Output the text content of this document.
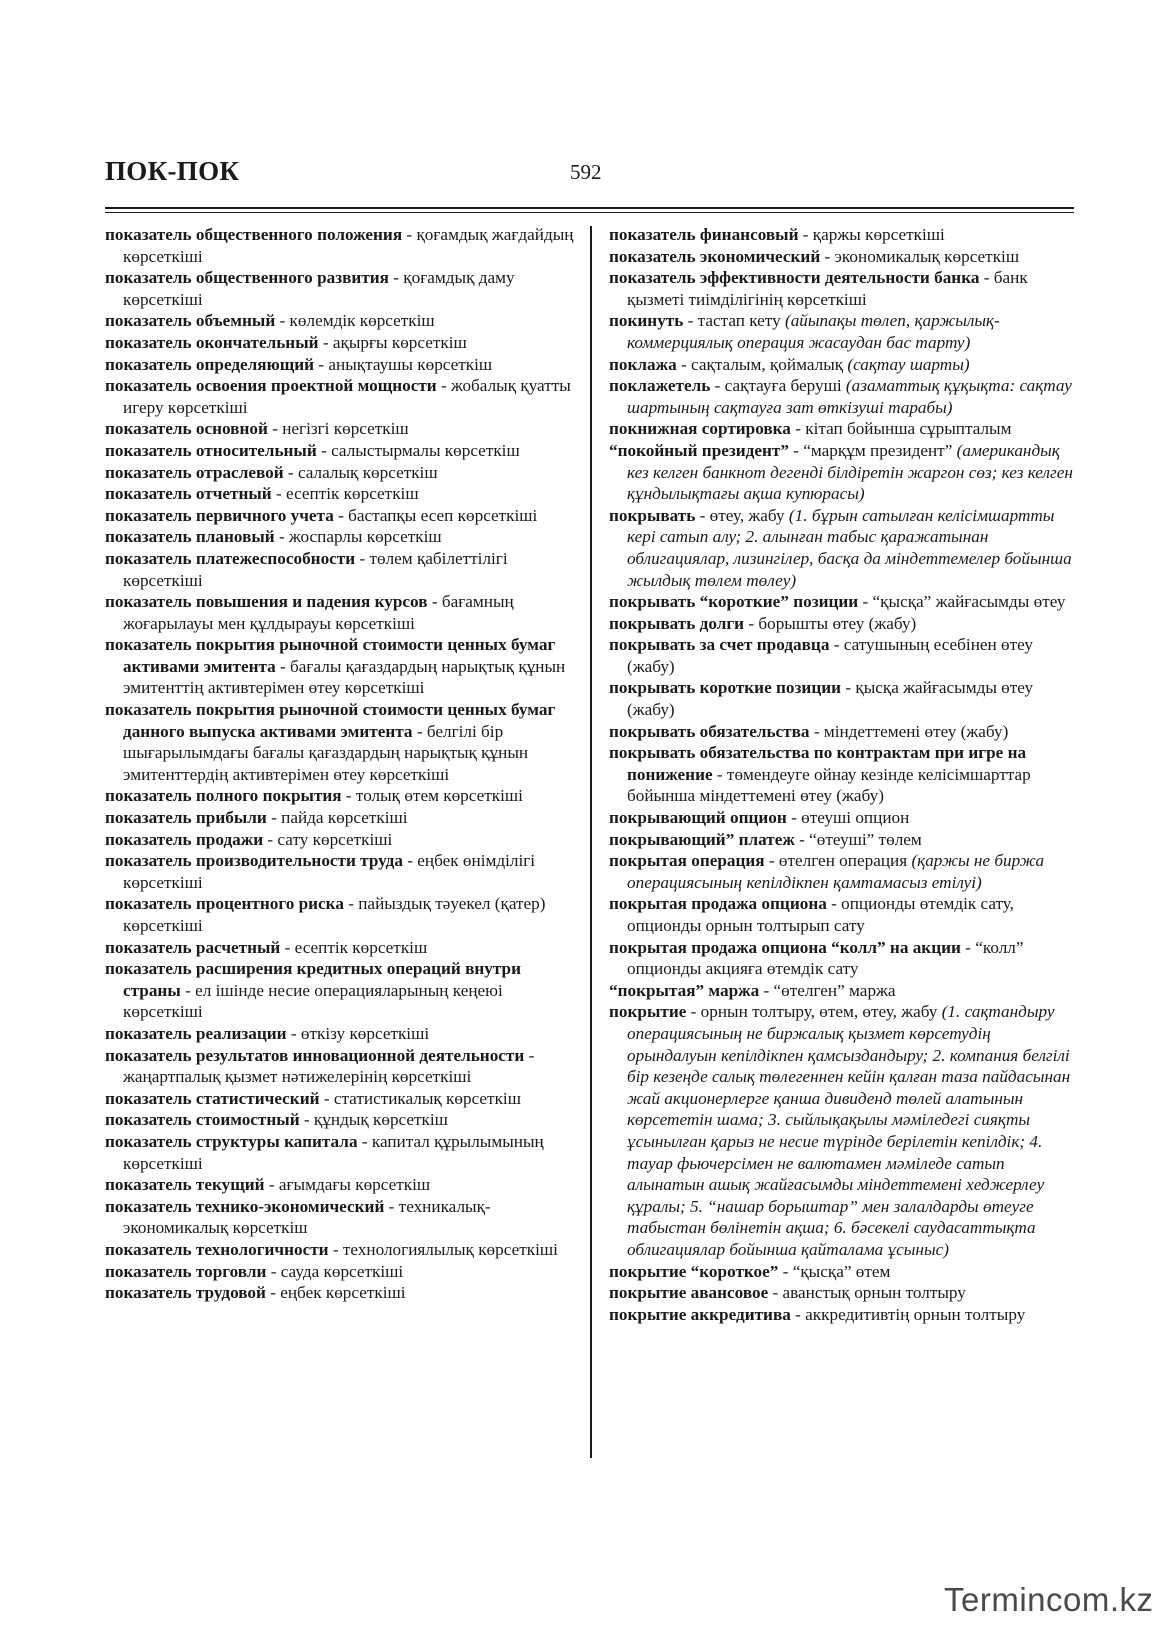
ПОК-ПОК	592
показатель общественного положения - қоғамдық жағдайдың көрсеткіші
показатель общественного развития - қоғамдық даму көрсеткіші
показатель объемный - көлемдік көрсеткіш
показатель окончательный - ақырғы көрсеткіш
показатель определяющий - анықтаушы көрсеткіш
показатель освоения проектной мощности - жобалық қуатты игеру көрсеткіші
показатель основной - негізгі көрсеткіш
показатель относительный - салыстырмалы көрсеткіш
показатель отраслевой - салалық көрсеткіш
показатель отчетный - есептік көрсеткіш
показатель первичного учета - бастапқы есеп көрсеткіші
показатель плановый - жоспарлы көрсеткіш
показатель платежеспособности - төлем қабілеттілігі көрсеткіші
показатель повышения и падения курсов - бағамның жоғарылауы мен құлдырауы көрсеткіші
показатель покрытия рыночной стоимости ценных бумаг активами эмитента - бағалы қағаздардың нарықтық құнын эмитенттің активтерімен өтеу көрсеткіші
показатель покрытия рыночной стоимости ценных бумаг данного выпуска активами эмитента - белгілі бір шығарылымдағы бағалы қағаздардың нарықтық құнын эмитенттердің активтерімен өтеу көрсеткіші
показатель полного покрытия - толық өтем көрсеткіші
показатель прибыли - пайда көрсеткіші
показатель продажи - сату көрсеткіші
показатель производительности труда - еңбек өнімділігі көрсеткіші
показатель процентного риска - пайыздық тәуекел (қатер) көрсеткіші
показатель расчетный - есептік көрсеткіш
показатель расширения кредитных операций внутри страны - ел ішінде несие операцияларының кеңеюі көрсеткіші
показатель реализации - өткізу көрсеткіші
показатель результатов инновационной деятельности - жаңартпалық қызмет нәтижелерінің көрсеткіші
показатель статистический - статистикалық көрсеткіш
показатель стоимостный - құндық көрсеткіш
показатель структуры капитала - капитал құрылымының көрсеткіші
показатель текущий - ағымдағы көрсеткіш
показатель технико-экономический - техникалық-экономикалық көрсеткіш
показатель технологичности - технологиялылық көрсеткіші
показатель торговли - сауда көрсеткіші
показатель трудовой - еңбек көрсеткіші
показатель финансовый - қаржы көрсеткіші
показатель экономический - экономикалық көрсеткіш
показатель эффективности деятельности банка - банк қызметі тиімділігінің көрсеткіші
покинуть - тастап кету (айыпақы төлеп, қаржылық-коммерциялық операция жасаудан бас тарту)
поклажа - сақталым, қоймалық (сақтау шарты)
поклажетель - сақтауға беруші (азаматтық құқықта: сақтау шартының сақтауға зат өткізуші тарабы)
покнижная сортировка - кітап бойынша сұрыпталым
“покойный президент” - “марқұм президент” (американдық кез келген банкнот дегенді білдіретін жаргон сөз; кез келген құндылықтағы ақша купюрасы)
покрывать - өтеу, жабу (1. бұрын сатылған келісімшартты кері сатып алу; 2. алынған табыс қаражатынан облигациялар, лизингілер, басқа да міндеттемелер бойынша жылдық төлем төлеу)
покрывать “короткие” позиции - “қысқа” жайғасымды өтеу
покрывать долги - борышты өтеу (жабу)
покрывать за счет продавца - сатушының есебінен өтеу (жабу)
покрывать короткие позиции - қысқа жайғасымды өтеу (жабу)
покрывать обязательства - міндеттемені өтеу (жабу)
покрывать обязательства по контрактам при игре на понижение - төмендеуге ойнау кезінде келісімшарттар бойынша міндеттемені өтеу (жабу)
покрывающий опцион - өтеуші опцион
покрывающий” платеж - “өтеуші” төлем
покрытая операция - өтелген операция (қаржы не биржа операциясының кепілдікпен қамтамасыз етілуі)
покрытая продажа опциона - опционды өтемдік сату, опционды орнын толтырып сату
покрытая продажа опциона “колл” на акции - “колл” опционды акцияға өтемдік сату
“покрытая” маржа - “өтелген” маржа
покрытие - орнын толтыру, өтем, өтеу, жабу (1. сақтандыру операциясының не биржалық қызмет көрсетудің орындалуын кепілдікпен қамсыздандыру; 2. компания белгілі бір кезеңде салық төлегеннен кейін қалған таза пайдасынан жай акционерлерге қанша дивиденд төлей алатынын көрсететін шама; 3. сыйлықақылы мәміледегі сияқты ұсынылған қарыз не несие түрінде берілетін кепілдік; 4. тауар фьючерсімен не валютамен мәміледе сатып алынатын ашық жайғасымды міндеттемені хеджерлеу құралы; 5. “нашар борыштар” мен залалдарды өтеуге табыстан бөлінетін ақша; 6. бәсекелі саудасаттықта облигациялар бойынша қайталама ұсыныс)
покрытие “короткое” - “қысқа” өтем
покрытие авансовое - аванстық орнын толтыру
покрытие аккредитива - аккредитивтің орнын толтыру
Termincom.kz
